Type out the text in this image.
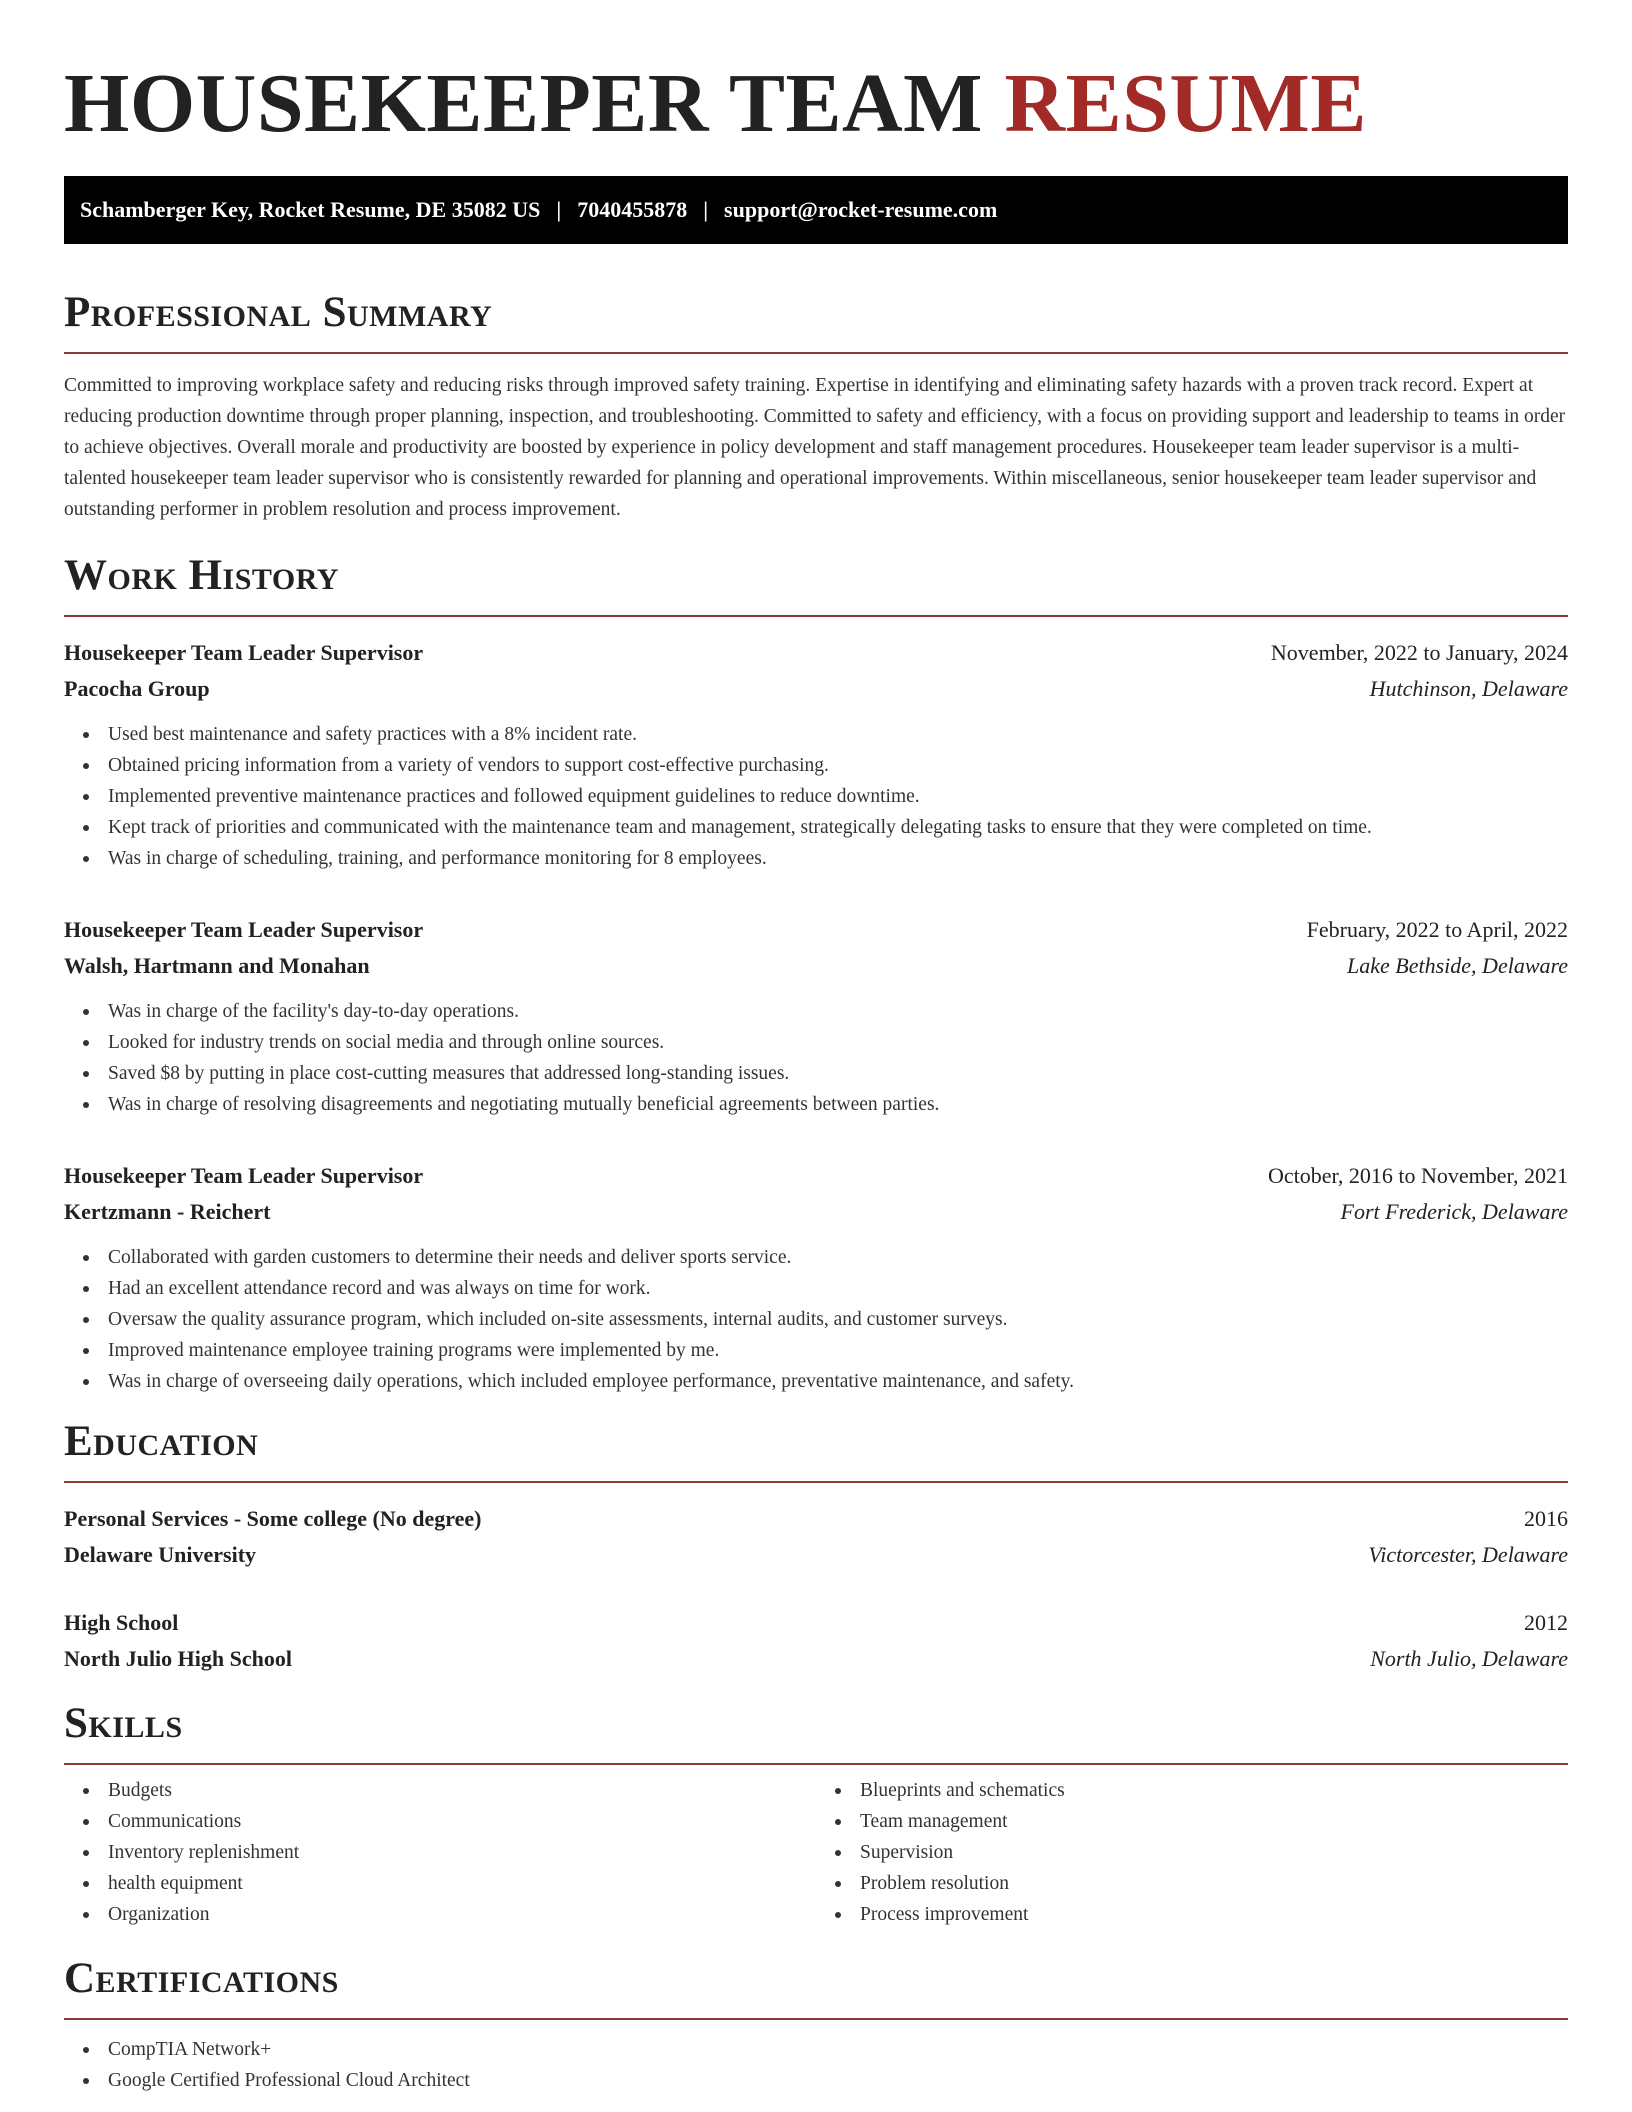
HOUSEKEEPER TEAM RESUME
Schamberger Key, Rocket Resume, DE 35082 US | 7040455878 | support@rocket-resume.com
Professional Summary
Committed to improving workplace safety and reducing risks through improved safety training. Expertise in identifying and eliminating safety hazards with a proven track record. Expert at reducing production downtime through proper planning, inspection, and troubleshooting. Committed to safety and efficiency, with a focus on providing support and leadership to teams in order to achieve objectives. Overall morale and productivity are boosted by experience in policy development and staff management procedures. Housekeeper team leader supervisor is a multi-talented housekeeper team leader supervisor who is consistently rewarded for planning and operational improvements. Within miscellaneous, senior housekeeper team leader supervisor and outstanding performer in problem resolution and process improvement.
Work History
Housekeeper Team Leader Supervisor	November, 2022 to January, 2024
Pacocha Group	Hutchinson, Delaware
Used best maintenance and safety practices with a 8% incident rate.
Obtained pricing information from a variety of vendors to support cost-effective purchasing.
Implemented preventive maintenance practices and followed equipment guidelines to reduce downtime.
Kept track of priorities and communicated with the maintenance team and management, strategically delegating tasks to ensure that they were completed on time.
Was in charge of scheduling, training, and performance monitoring for 8 employees.
Housekeeper Team Leader Supervisor	February, 2022 to April, 2022
Walsh, Hartmann and Monahan	Lake Bethside, Delaware
Was in charge of the facility's day-to-day operations.
Looked for industry trends on social media and through online sources.
Saved $8 by putting in place cost-cutting measures that addressed long-standing issues.
Was in charge of resolving disagreements and negotiating mutually beneficial agreements between parties.
Housekeeper Team Leader Supervisor	October, 2016 to November, 2021
Kertzmann - Reichert	Fort Frederick, Delaware
Collaborated with garden customers to determine their needs and deliver sports service.
Had an excellent attendance record and was always on time for work.
Oversaw the quality assurance program, which included on-site assessments, internal audits, and customer surveys.
Improved maintenance employee training programs were implemented by me.
Was in charge of overseeing daily operations, which included employee performance, preventative maintenance, and safety.
Education
Personal Services - Some college (No degree)	2016
Delaware University	Victorcester, Delaware
High School	2012
North Julio High School	North Julio, Delaware
Skills
Budgets
Communications
Inventory replenishment
health equipment
Organization
Blueprints and schematics
Team management
Supervision
Problem resolution
Process improvement
Certifications
CompTIA Network+
Google Certified Professional Cloud Architect
